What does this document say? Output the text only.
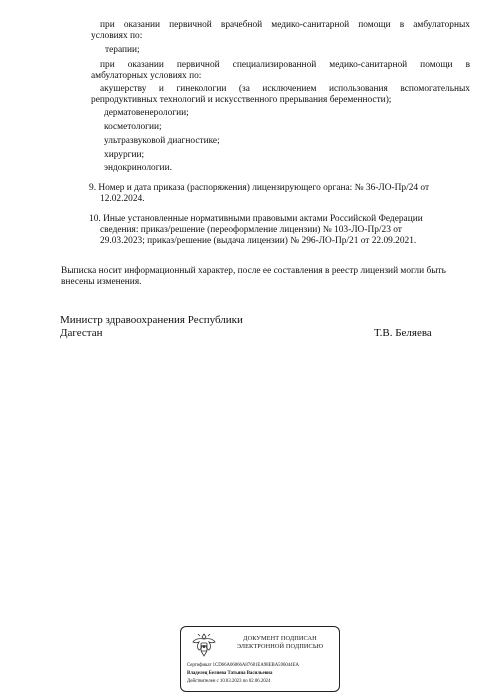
при оказании первичной врачебной медико-санитарной помощи в амбулаторных
условиях по:
терапии;
при оказании первичной специализированной медико-санитарной помощи в
амбулаторных условиях по:
акушерству и гинекологии (за исключением использования вспомогательных
репродуктивных технологий и искусственного прерывания беременности);
дерматовенерологии;
косметологии;
ультразвуковой диагностике;
хирургии;
эндокринологии.
9. Номер и дата приказа (распоряжения) лицензирующего органа: № 36-ЛО-Пр/24 от
12.02.2024.
10. Иные установленные нормативными правовыми актами Российской Федерации
сведения: приказ/решение (переоформление лицензии) № 103-ЛО-Пр/23 от
29.03.2023; приказ/решение (выдача лицензии) № 296-ЛО-Пр/21 от 22.09.2021.
Выписка носит информационный характер, после ее составления в реестр лицензий могли быть
внесены изменения.
Министр здравоохранения Республики
Дагестан	Т.В. Беляева
ДОКУМЕНТ ПОДПИСАН
ЭЛЕКТРОННОЙ ПОДПИСЬЮ
Сертификат 1CD66A06066A87681EA98EBA596044EA
Владелец Беляева Татьяна Васильевна
Действителен с 10.03.2023 по 02.06.2024
